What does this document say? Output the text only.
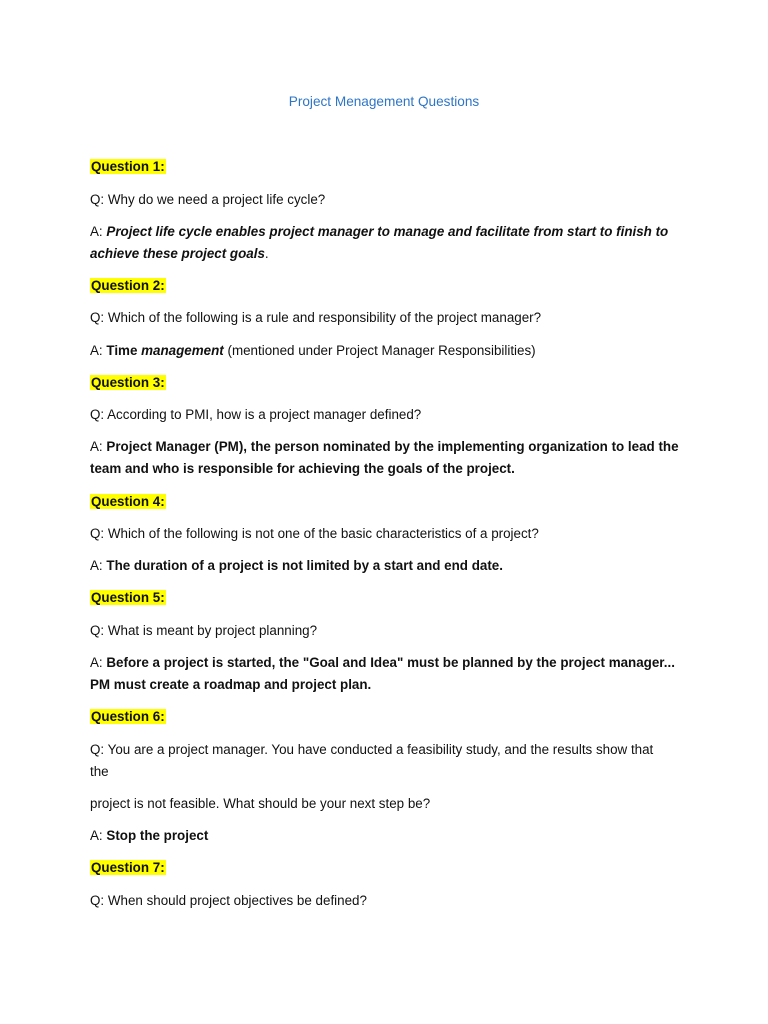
Project Menagement Questions
Question 1:
Q: Why do we need a project life cycle?
A: Project life cycle enables project manager to manage and facilitate from start to finish to
achieve these project goals.
Question 2:
Q: Which of the following is a rule and responsibility of the project manager?
A: Time management (mentioned under Project Manager Responsibilities)
Question 3:
Q: According to PMI, how is a project manager defined?
A: Project Manager (PM), the person nominated by the implementing organization to lead the
team and who is responsible for achieving the goals of the project.
Question 4:
Q: Which of the following is not one of the basic characteristics of a project?
A: The duration of a project is not limited by a start and end date.
Question 5:
Q: What is meant by project planning?
A: Before a project is started, the "Goal and Idea" must be planned by the project manager...
PM must create a roadmap and project plan.
Question 6:
Q: You are a project manager. You have conducted a feasibility study, and the results show that
the
project is not feasible. What should be your next step be?
A: Stop the project
Question 7:
Q: When should project objectives be defined?
